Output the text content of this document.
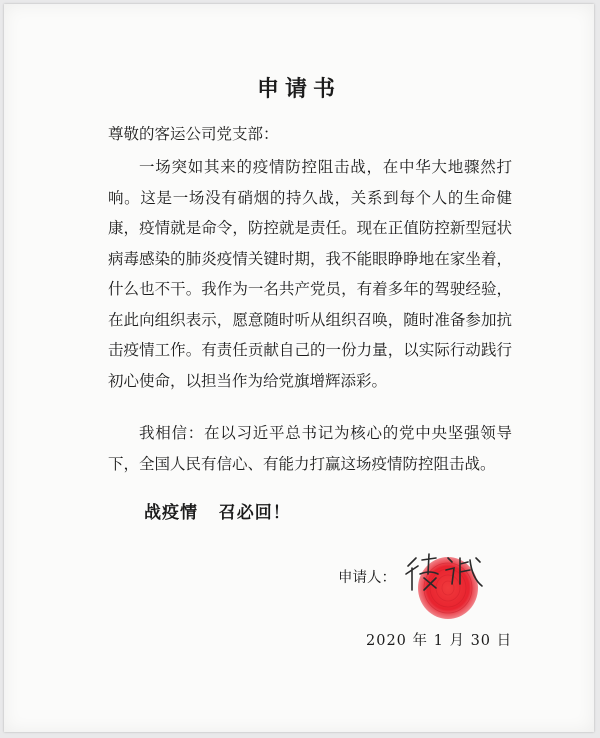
申请书
尊敬的客运公司党支部：
一场突如其来的疫情防控阻击战，在中华大地骤然打响。这是一场没有硝烟的持久战，关系到每个人的生命健康，疫情就是命令，防控就是责任。现在正值防控新型冠状病毒感染的肺炎疫情关键时期，我不能眼睁睁地在家坐着，什么也不干。我作为一名共产党员，有着多年的驾驶经验，在此向组织表示，愿意随时听从组织召唤，随时准备参加抗击疫情工作。有责任贡献自己的一份力量，以实际行动践行初心使命，以担当作为给党旗增辉添彩。
我相信：在以习近平总书记为核心的党中央坚强领导下，全国人民有信心、有能力打赢这场疫情防控阻击战。
战疫情   召必回！
申请人：
2020 年 1 月 30 日
